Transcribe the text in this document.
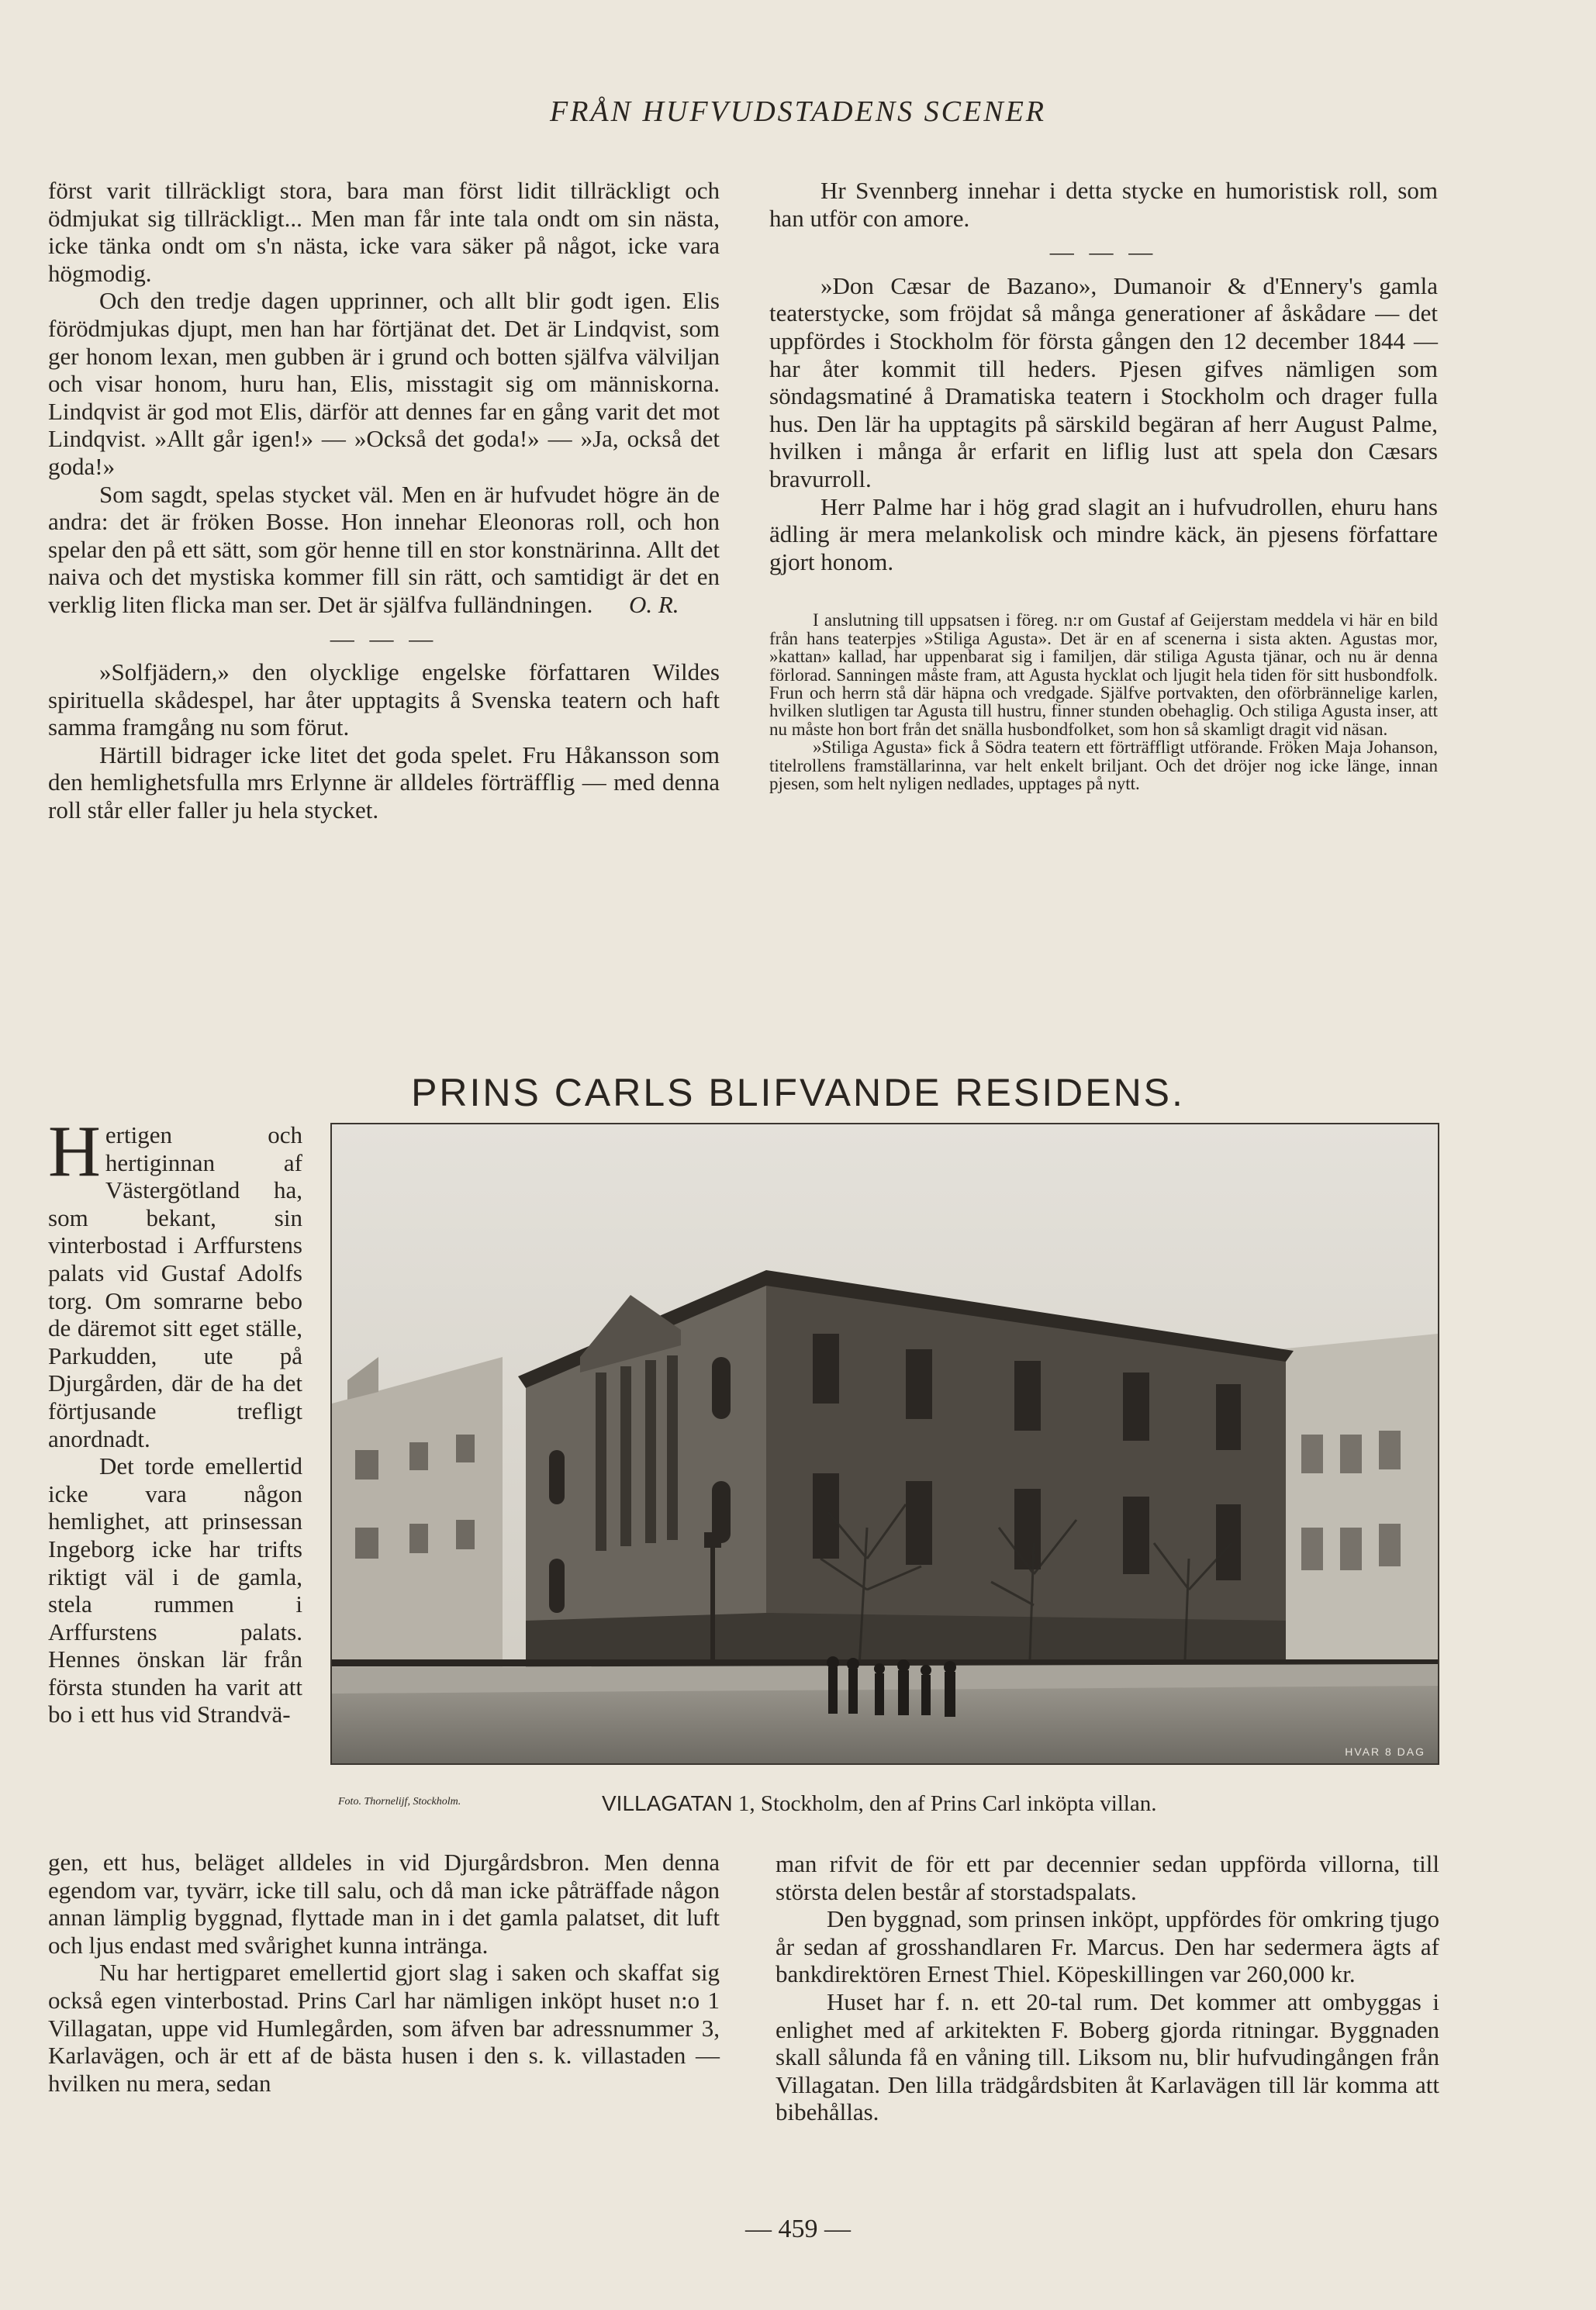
FRÅN HUFVUDSTADENS SCENER

först varit tillräckligt stora, bara man först lidit tillräckligt och ödmjukat sig tillräckligt... Men man får inte tala ondt om sin nästa, icke tänka ondt om s'n nästa, icke vara säker på något, icke vara högmodig.

Och den tredje dagen upprinner, och allt blir godt igen. Elis förödmjukas djupt, men han har förtjänat det. Det är Lindqvist, som ger honom lexan, men gubben är i grund och botten själfva välviljan och visar honom, huru han, Elis, misstagit sig om människorna. Lindqvist är god mot Elis, därför att dennes far en gång varit det mot Lindqvist. »Allt går igen!» — »Också det goda!» — »Ja, också det goda!»

Som sagdt, spelas stycket väl. Men en är hufvudet högre än de andra: det är fröken Bosse. Hon innehar Eleonoras roll, och hon spelar den på ett sätt, som gör henne till en stor konstnärinna. Allt det naiva och det mystiska kommer fill sin rätt, och samtidigt är det en verklig liten flicka man ser. Det är själfva fulländningen. O. R.

— — —

»Solfjädern,» den olycklige engelske författaren Wildes spirituella skådespel, har åter upptagits å Svenska teatern och haft samma framgång nu som förut.

Härtill bidrager icke litet det goda spelet. Fru Håkansson som den hemlighetsfulla mrs Erlynne är alldeles förträfflig — med denna roll står eller faller ju hela stycket.

Hr Svennberg innehar i detta stycke en humoristisk roll, som han utför con amore.

— — —

»Don Cæsar de Bazano», Dumanoir & d'Ennery's gamla teaterstycke, som fröjdat så många generationer af åskådare — det uppfördes i Stockholm för första gången den 12 december 1844 — har åter kommit till heders. Pjesen gifves nämligen som söndagsmatiné å Dramatiska teatern i Stockholm och drager fulla hus. Den lär ha upptagits på särskild begäran af herr August Palme, hvilken i många år erfarit en liflig lust att spela don Cæsars bravurroll.

Herr Palme har i hög grad slagit an i hufvudrollen, ehuru hans ädling är mera melankolisk och mindre käck, än pjesens författare gjort honom.

I anslutning till uppsatsen i föreg. n:r om Gustaf af Geijerstam meddela vi här en bild från hans teaterpjes »Stiliga Agusta». Det är en af scenerna i sista akten. Agustas mor, »kattan» kallad, har uppenbarat sig i familjen, där stiliga Agusta tjänar, och nu är denna förlorad. Sanningen måste fram, att Agusta hycklat och ljugit hela tiden för sitt husbondfolk. Frun och herrn stå där häpna och vredgade. Själfve portvakten, den oförbrännelige karlen, hvilken slutligen tar Agusta till hustru, finner stunden obehaglig. Och stiliga Agusta inser, att nu måste hon bort från det snälla husbondfolket, som hon så skamligt dragit vid näsan.

»Stiliga Agusta» fick å Södra teatern ett förträffligt utförande. Fröken Maja Johanson, titelrollens framställarinna, var helt enkelt briljant. Och det dröjer nog icke länge, innan pjesen, som helt nyligen nedlades, upptages på nytt.

PRINS CARLS BLIFVANDE RESIDENS.

Hertigen och hertiginnan af Västergötland ha, som bekant, sin vinterbostad i Arffurstens palats vid Gustaf Adolfs torg. Om somrarne bebo de däremot sitt eget ställe, Parkudden, ute på Djurgården, där de ha det förtjusande trefligt anordnadt.

Det torde emellertid icke vara någon hemlighet, att prinsessan Ingeborg icke har trifts riktigt väl i de gamla, stela rummen i Arffurstens palats. Hennes önskan lär från första stunden ha varit att bo i ett hus vid Strandvä-

HVAR 8 DAG
Foto. Thornelijf, Stockholm.	VILLAGATAN 1, Stockholm, den af Prins Carl inköpta villan.

gen, ett hus, beläget alldeles in vid Djurgårdsbron. Men denna egendom var, tyvärr, icke till salu, och då man icke påträffade någon annan lämplig byggnad, flyttade man in i det gamla palatset, dit luft och ljus endast med svårighet kunna intränga.

Nu har hertigparet emellertid gjort slag i saken och skaffat sig också egen vinterbostad. Prins Carl har nämligen inköpt huset n:o 1 Villagatan, uppe vid Humlegården, som äfven bar adressnummer 3, Karlavägen, och är ett af de bästa husen i den s. k. villastaden — hvilken nu mera, sedan

man rifvit de för ett par decennier sedan uppförda villorna, till största delen består af storstadspalats.

Den byggnad, som prinsen inköpt, uppfördes för omkring tjugo år sedan af grosshandlaren Fr. Marcus. Den har sedermera ägts af bankdirektören Ernest Thiel. Köpeskillingen var 260,000 kr.

Huset har f. n. ett 20-tal rum. Det kommer att ombyggas i enlighet med af arkitekten F. Boberg gjorda ritningar. Byggnaden skall sålunda få en våning till. Liksom nu, blir hufvudingången från Villagatan. Den lilla trädgårdsbiten åt Karlavägen till lär komma att bibehållas.

— 459 —
